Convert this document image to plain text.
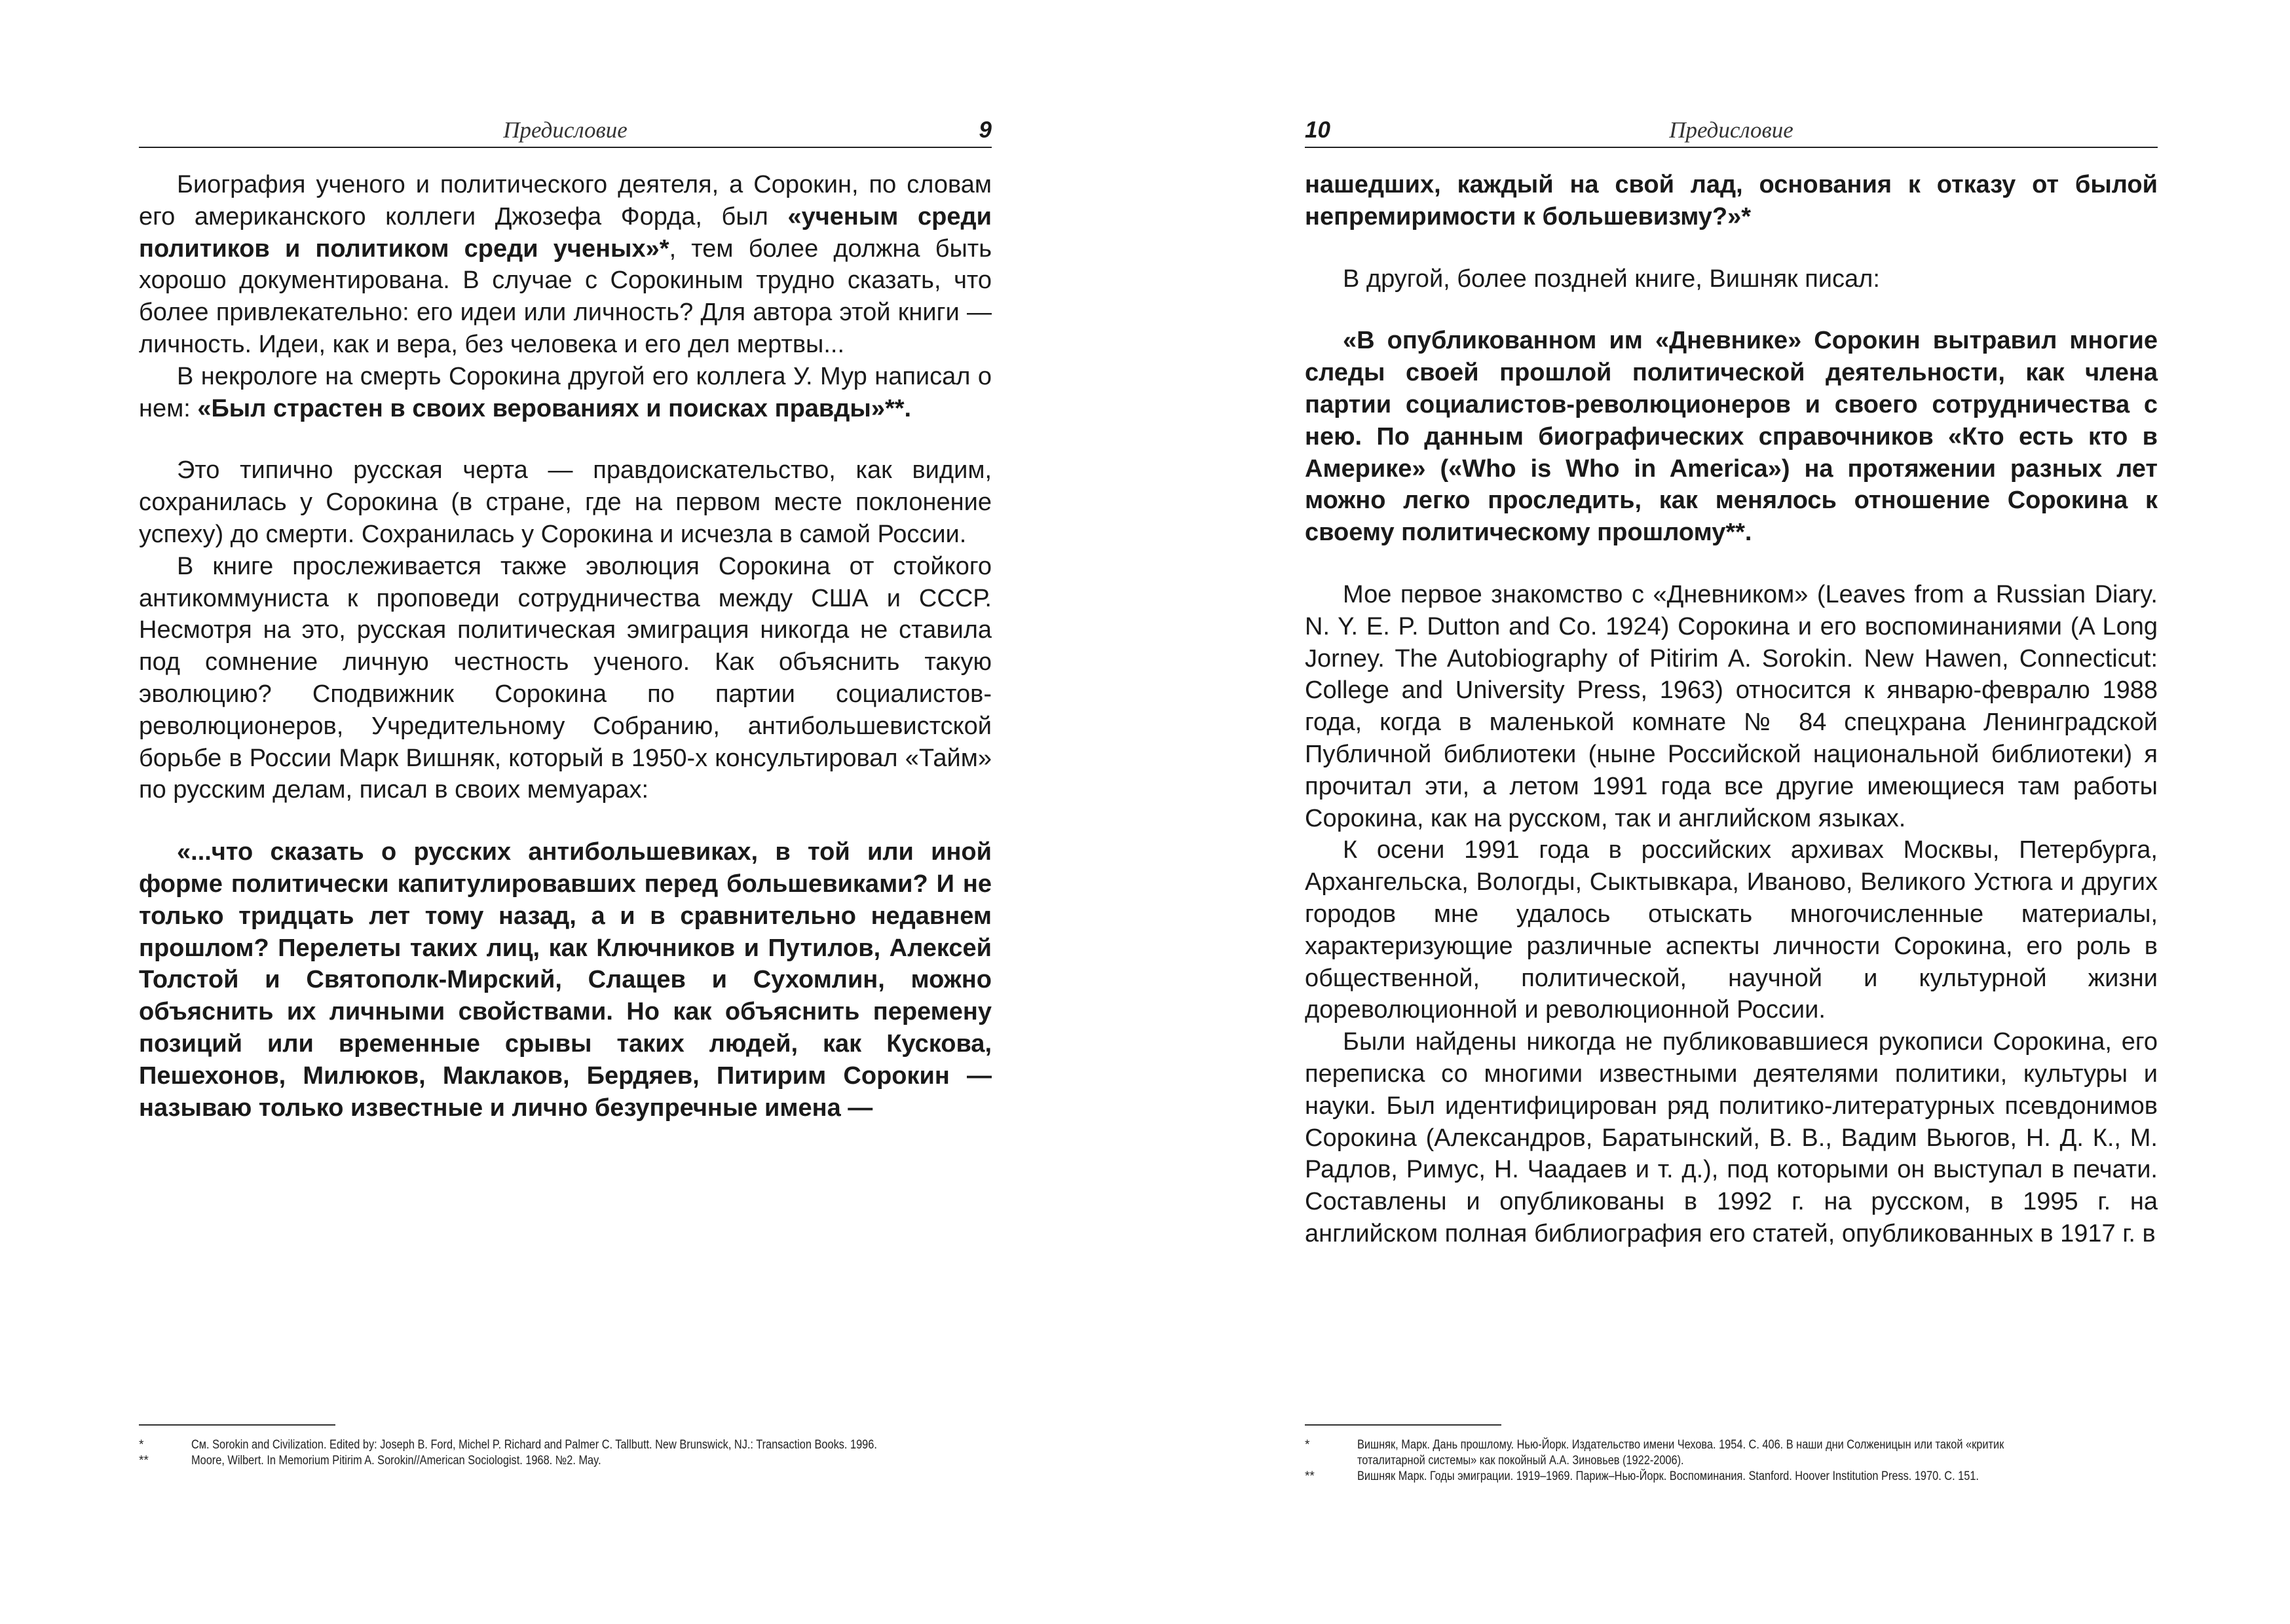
Предисловие	9

Биография ученого и политического деятеля, а Сорокин, по словам его американского коллеги Джозефа Форда, был «ученым среди политиков и политиком среди ученых»*, тем более должна быть хорошо документирована. В случае с Сорокиным трудно сказать, что более привлекательно: его идеи или личность? Для автора этой книги — личность. Идеи, как и вера, без человека и его дел мертвы...

В некрологе на смерть Сорокина другой его коллега У. Мур написал о нем: «Был страстен в своих верованиях и поисках правды»**.

Это типично русская черта — правдоискательство, как видим, сохранилась у Сорокина (в стране, где на первом месте поклонение успеху) до смерти. Сохранилась у Сорокина и исчезла в самой России.

В книге прослеживается также эволюция Сорокина от стойкого антикоммуниста к проповеди сотрудничества между США и СССР. Несмотря на это, русская политическая эмиграция никогда не ставила под сомнение личную честность ученого. Как объяснить такую эволюцию? Сподвижник Сорокина по партии социалистов-революционеров, Учредительному Собранию, антибольшевистской борьбе в России Марк Вишняк, который в 1950-х консультировал «Тайм» по русским делам, писал в своих мемуарах:

«...что сказать о русских антибольшевиках, в той или иной форме политически капитулировавших перед большевиками? И не только тридцать лет тому назад, а и в сравнительно недавнем прошлом? Перелеты таких лиц, как Ключников и Путилов, Алексей Толстой и Святополк-Мирский, Слащев и Сухомлин, можно объяснить их личными свойствами. Но как объяснить перемену позиций или временные срывы таких людей, как Кускова, Пешехонов, Милюков, Маклаков, Бердяев, Питирим Сорокин — называю только известные и лично безупречные имена —

*	См. Sorokin and Civilization. Edited by: Joseph B. Ford, Michel P. Richard and Palmer C. Tallbutt. New Brunswick, NJ.: Transaction Books. 1996.
**	Moore, Wilbert. In Memorium Pitirim A. Sorokin//American Sociologist. 1968. №2. May.
10	Предисловие

нашедших, каждый на свой лад, основания к отказу от былой непремиримости к большевизму?»*

В другой, более поздней книге, Вишняк писал:

«В опубликованном им «Дневнике» Сорокин вытравил многие следы своей прошлой политической деятельности, как члена партии социалистов-революционеров и своего сотрудничества с нею. По данным биографических справочников «Кто есть кто в Америке» («Who is Who in America») на протяжении разных лет можно легко проследить, как менялось отношение Сорокина к своему политическому прошлому**.

Мое первое знакомство с «Дневником» (Leaves from a Russian Diary. N. Y. E. P. Dutton and Co. 1924) Сорокина и его воспоминаниями (A Long Jorney. The Autobiography of Pitirim A. Sorokin. New Hawen, Connecticut: College and University Press, 1963) относится к январю-февралю 1988 года, когда в маленькой комнате № 84 спецхрана Ленинградской Публичной библиотеки (ныне Российской национальной библиотеки) я прочитал эти, а летом 1991 года все другие имеющиеся там работы Сорокина, как на русском, так и английском языках.

К осени 1991 года в российских архивах Москвы, Петербурга, Архангельска, Вологды, Сыктывкара, Иваново, Великого Устюга и других городов мне удалось отыскать многочисленные материалы, характеризующие различные аспекты личности Сорокина, его роль в общественной, политической, научной и культурной жизни дореволюционной и революционной России.

Были найдены никогда не публиковавшиеся рукописи Сорокина, его переписка со многими известными деятелями политики, культуры и науки. Был идентифицирован ряд политико-литературных псевдонимов Сорокина (Александров, Баратынский, В. В., Вадим Вьюгов, Н. Д. К., М. Радлов, Римус, Н. Чаадаев и т. д.), под которыми он выступал в печати. Составлены и опубликованы в 1992 г. на русском, в 1995 г. на английском полная библиография его статей, опубликованных в 1917 г. в

*	Вишняк, Марк. Дань прошлому. Нью-Йорк. Издательство имени Чехова. 1954. С. 406. В наши дни Солженицын или такой «критик тоталитарной системы» как покойный А.А. Зиновьев (1922-2006).
**	Вишняк Марк. Годы эмиграции. 1919–1969. Париж–Нью-Йорк. Воспоминания. Stanford. Hoover Institution Press. 1970. С. 151.
